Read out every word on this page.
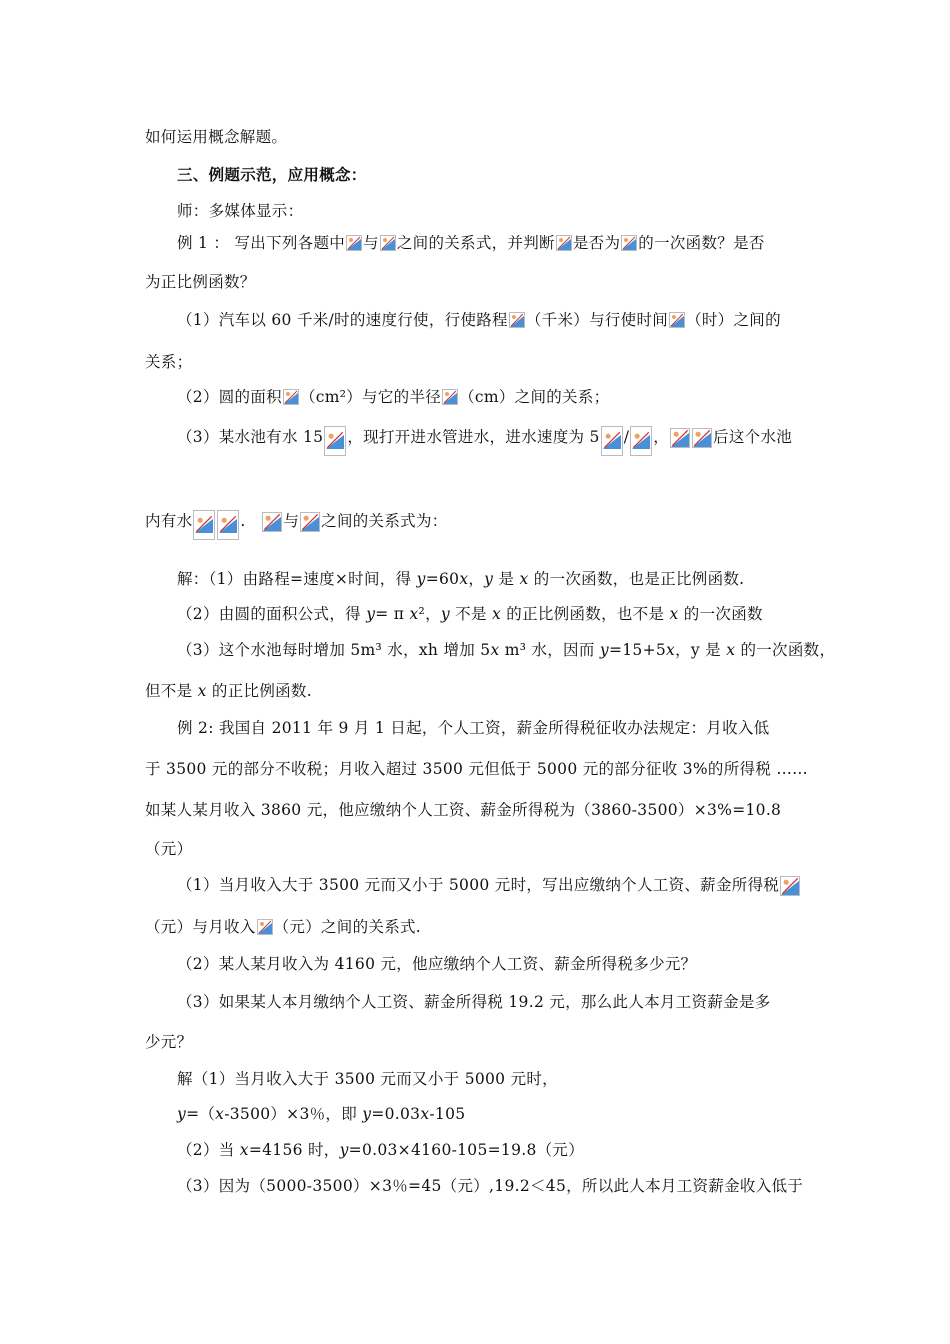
如何运用概念解题。
三、例题示范，应用概念：
师：多媒体显示：
例 1 ： 写出下列各题中 与 之间的关系式，并判断 是否为 的一次函数？是否
为正比例函数？
（1）汽车以 60 千米/时的速度行使，行使路程 （千米）与行使时间 （时）之间的
关系；
（2）圆的面积 （cm²）与它的半径 （cm）之间的关系；
（3）某水池有水 15 ，现打开进水管进水，进水速度为 5 / ，	后这个水池
内有水	. 与 之间的关系式为：
解：（1）由路程=速度×时间，得 y=60x，y 是 x 的一次函数，也是正比例函数.
（2）由圆的面积公式，得 y= π x²，y 不是 x 的正比例函数，也不是 x 的一次函数
（3）这个水池每时增加 5m³ 水，xh 增加 5x m³ 水，因而 y=15+5x，y 是 x 的一次函数，
但不是 x 的正比例函数.
例 2: 我国自 2011 年 9 月 1 日起，个人工资，薪金所得税征收办法规定：月收入低
于 3500 元的部分不收税；月收入超过 3500 元但低于 5000 元的部分征收 3%的所得税 ……
如某人某月收入 3860 元，他应缴纳个人工资、薪金所得税为（3860-3500）×3%=10.8
（元）
（1）当月收入大于 3500 元而又小于 5000 元时，写出应缴纳个人工资、薪金所得税
（元）与月收入 （元）之间的关系式.
（2）某人某月收入为 4160 元，他应缴纳个人工资、薪金所得税多少元？
（3）如果某人本月缴纳个人工资、薪金所得税 19.2 元，那么此人本月工资薪金是多
少元？
解（1）当月收入大于 3500 元而又小于 5000 元时，
y=（x-3500）×3％，即 y=0.03x-105
（2）当 x=4156 时，y=0.03×4160-105=19.8（元）
（3）因为（5000-3500）×3％=45（元）,19.2＜45，所以此人本月工资薪金收入低于
